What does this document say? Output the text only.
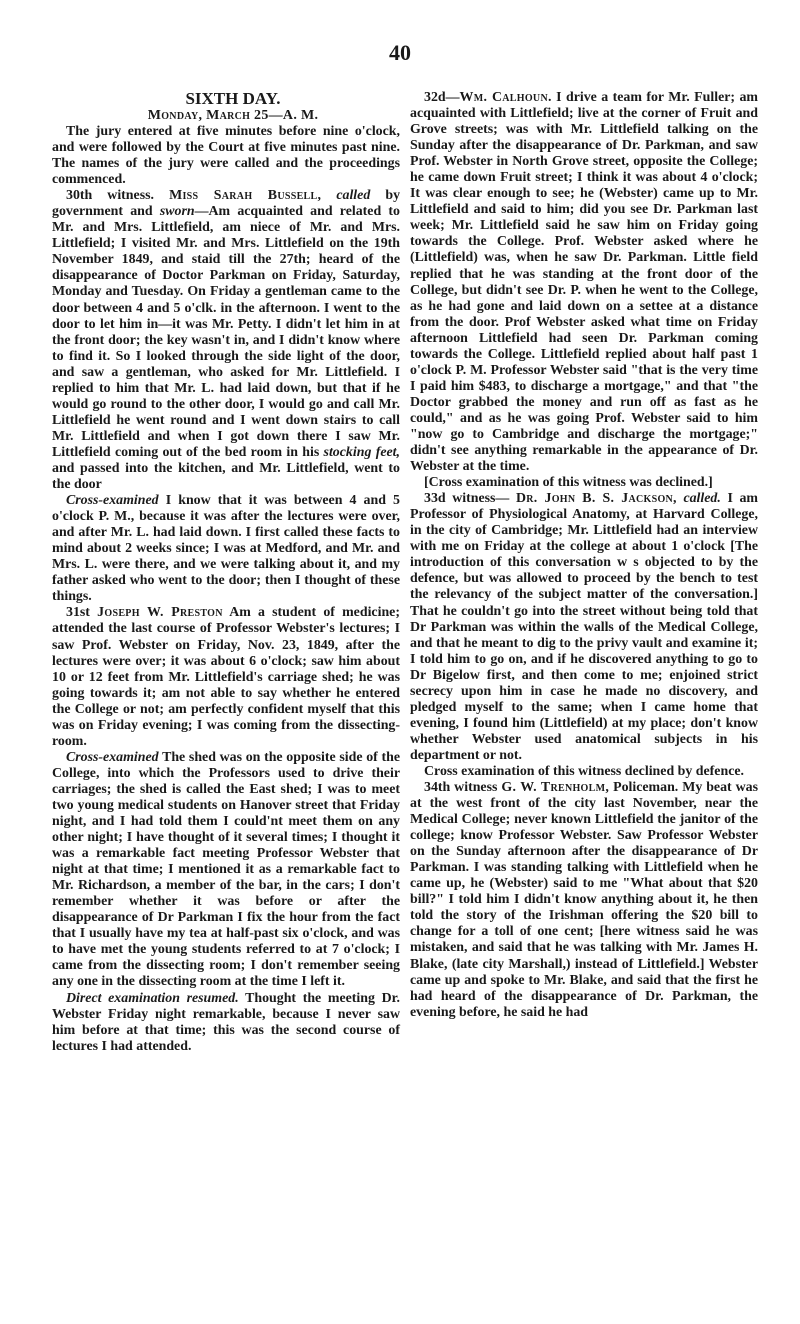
40

SIXTH DAY.

Monday, March 25—A. M.

The jury entered at five minutes before nine o'clock, and were followed by the Court at five minutes past nine. The names of the jury were called and the proceedings commenced.

30th witness. Miss Sarah Bussell, called by government and sworn—Am acquainted and related to Mr. and Mrs. Littlefield, am niece of Mr. and Mrs. Littlefield; I visited Mr. and Mrs. Littlefield on the 19th November 1849, and staid till the 27th; heard of the disappearance of Doctor Parkman on Friday, Saturday, Monday and Tuesday. On Friday a gentleman came to the door between 4 and 5 o'clk. in the afternoon. I went to the door to let him in—it was Mr. Petty. I didn't let him in at the front door; the key wasn't in, and I didn't know where to find it. So I looked through the side light of the door, and saw a gentleman, who asked for Mr. Littlefield. I replied to him that Mr. L. had laid down, but that if he would go round to the other door, I would go and call Mr. Littlefield he went round and I went down stairs to call Mr. Littlefield and when I got down there I saw Mr. Littlefield coming out of the bed room in his stocking feet, and passed into the kitchen, and Mr. Littlefield, went to the door

Cross-examined I know that it was between 4 and 5 o'clock P. M., because it was after the lectures were over, and after Mr. L. had laid down. I first called these facts to mind about 2 weeks since; I was at Medford, and Mr. and Mrs. L. were there, and we were talking about it, and my father asked who went to the door; then I thought of these things.

31st Joseph W. Preston Am a student of medicine; attended the last course of Professor Webster's lectures; I saw Prof. Webster on Friday, Nov. 23, 1849, after the lectures were over; it was about 6 o'clock; saw him about 10 or 12 feet from Mr. Littlefield's carriage shed; he was going towards it; am not able to say whether he entered the College or not; am perfectly confident myself that this was on Friday evening; I was coming from the dissecting-room.

Cross-examined The shed was on the opposite side of the College, into which the Professors used to drive their carriages; the shed is called the East shed; I was to meet two young medical students on Hanover street that Friday night, and I had told them I could'nt meet them on any other night; I have thought of it several times; I thought it was a remarkable fact meeting Professor Webster that night at that time; I mentioned it as a remarkable fact to Mr. Richardson, a member of the bar, in the cars; I don't remember whether it was before or after the disappearance of Dr Parkman I fix the hour from the fact that I usually have my tea at half-past six o'clock, and was to have met the young students referred to at 7 o'clock; I came from the dissecting room; I don't remember seeing any one in the dissecting room at the time I left it.

Direct examination resumed. Thought the meeting Dr. Webster Friday night remarkable, because I never saw him before at that time; this was the second course of lectures I had attended.

32d—Wm. Calhoun. I drive a team for Mr. Fuller; am acquainted with Littlefield; live at the corner of Fruit and Grove streets; was with Mr. Littlefield talking on the Sunday after the disappearance of Dr. Parkman, and saw Prof. Webster in North Grove street, opposite the College; he came down Fruit street; I think it was about 4 o'clock; It was clear enough to see; he (Webster) came up to Mr. Littlefield and said to him; did you see Dr. Parkman last week; Mr. Littlefield said he saw him on Friday going towards the College. Prof. Webster asked where he (Littlefield) was, when he saw Dr. Parkman. Little field replied that he was standing at the front door of the College, but didn't see Dr. P. when he went to the College, as he had gone and laid down on a settee at a distance from the door. Prof Webster asked what time on Friday afternoon Littlefield had seen Dr. Parkman coming towards the College. Littlefield replied about half past 1 o'clock P. M. Professor Webster said "that is the very time I paid him $483, to discharge a mortgage," and that "the Doctor grabbed the money and run off as fast as he could," and as he was going Prof. Webster said to him "now go to Cambridge and discharge the mortgage;" didn't see anything remarkable in the appearance of Dr. Webster at the time.

[Cross examination of this witness was declined.]

33d witness— Dr. John B. S. Jackson, called. I am Professor of Physiological Anatomy, at Harvard College, in the city of Cambridge; Mr. Littlefield had an interview with me on Friday at the college at about 1 o'clock [The introduction of this conversation w s objected to by the defence, but was allowed to proceed by the bench to test the relevancy of the subject matter of the conversation.] That he couldn't go into the street without being told that Dr Parkman was within the walls of the Medical College, and that he meant to dig to the privy vault and examine it; I told him to go on, and if he discovered anything to go to Dr Bigelow first, and then come to me; enjoined strict secrecy upon him in case he made no discovery, and pledged myself to the same; when I came home that evening, I found him (Littlefield) at my place; don't know whether Webster used anatomical subjects in his department or not.

Cross examination of this witness declined by defence.

34th witness G. W. Trenholm, Policeman. My beat was at the west front of the city last November, near the Medical College; never known Littlefield the janitor of the college; know Professor Webster. Saw Professor Webster on the Sunday afternoon after the disappearance of Dr Parkman. I was standing talking with Littlefield when he came up, he (Webster) said to me "What about that $20 bill?" I told him I didn't know anything about it, he then told the story of the Irishman offering the $20 bill to change for a toll of one cent; [here witness said he was mistaken, and said that he was talking with Mr. James H. Blake, (late city Marshall,) instead of Littlefield.] Webster came up and spoke to Mr. Blake, and said that the first he had heard of the disappearance of Dr. Parkman, the evening before, he said he had
